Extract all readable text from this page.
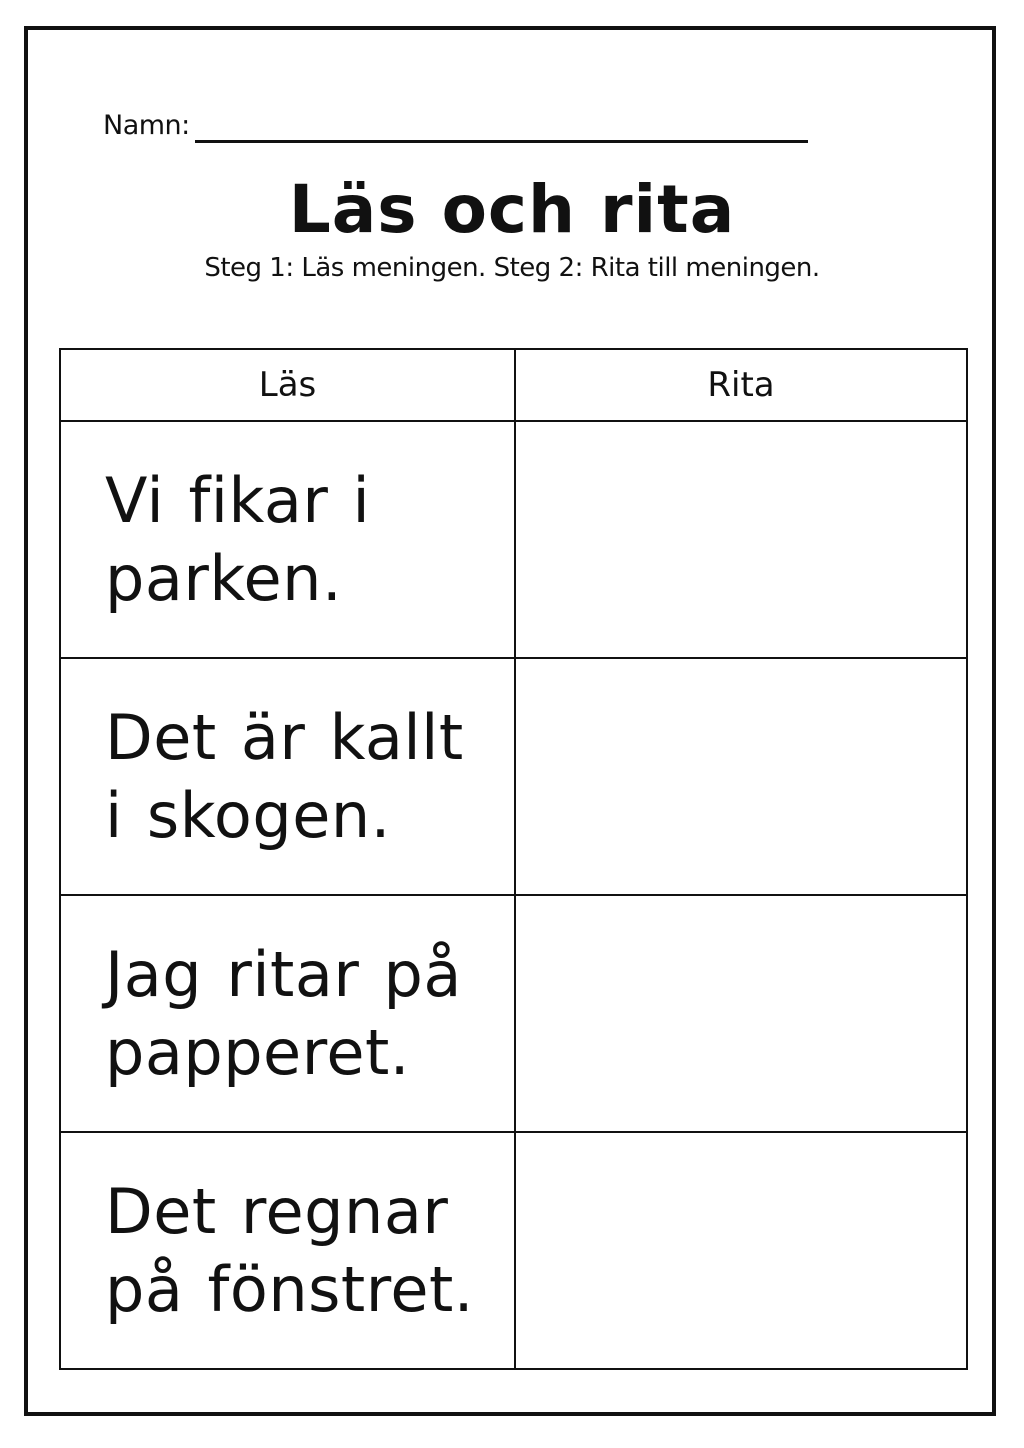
Namn:
Läs och rita
Steg 1: Läs meningen. Steg 2: Rita till meningen.
Läs	Rita

Vi fikar i parken.	

Det är kallt i skogen.	

Jag ritar på papperet.	

Det regnar på fönstret.	
